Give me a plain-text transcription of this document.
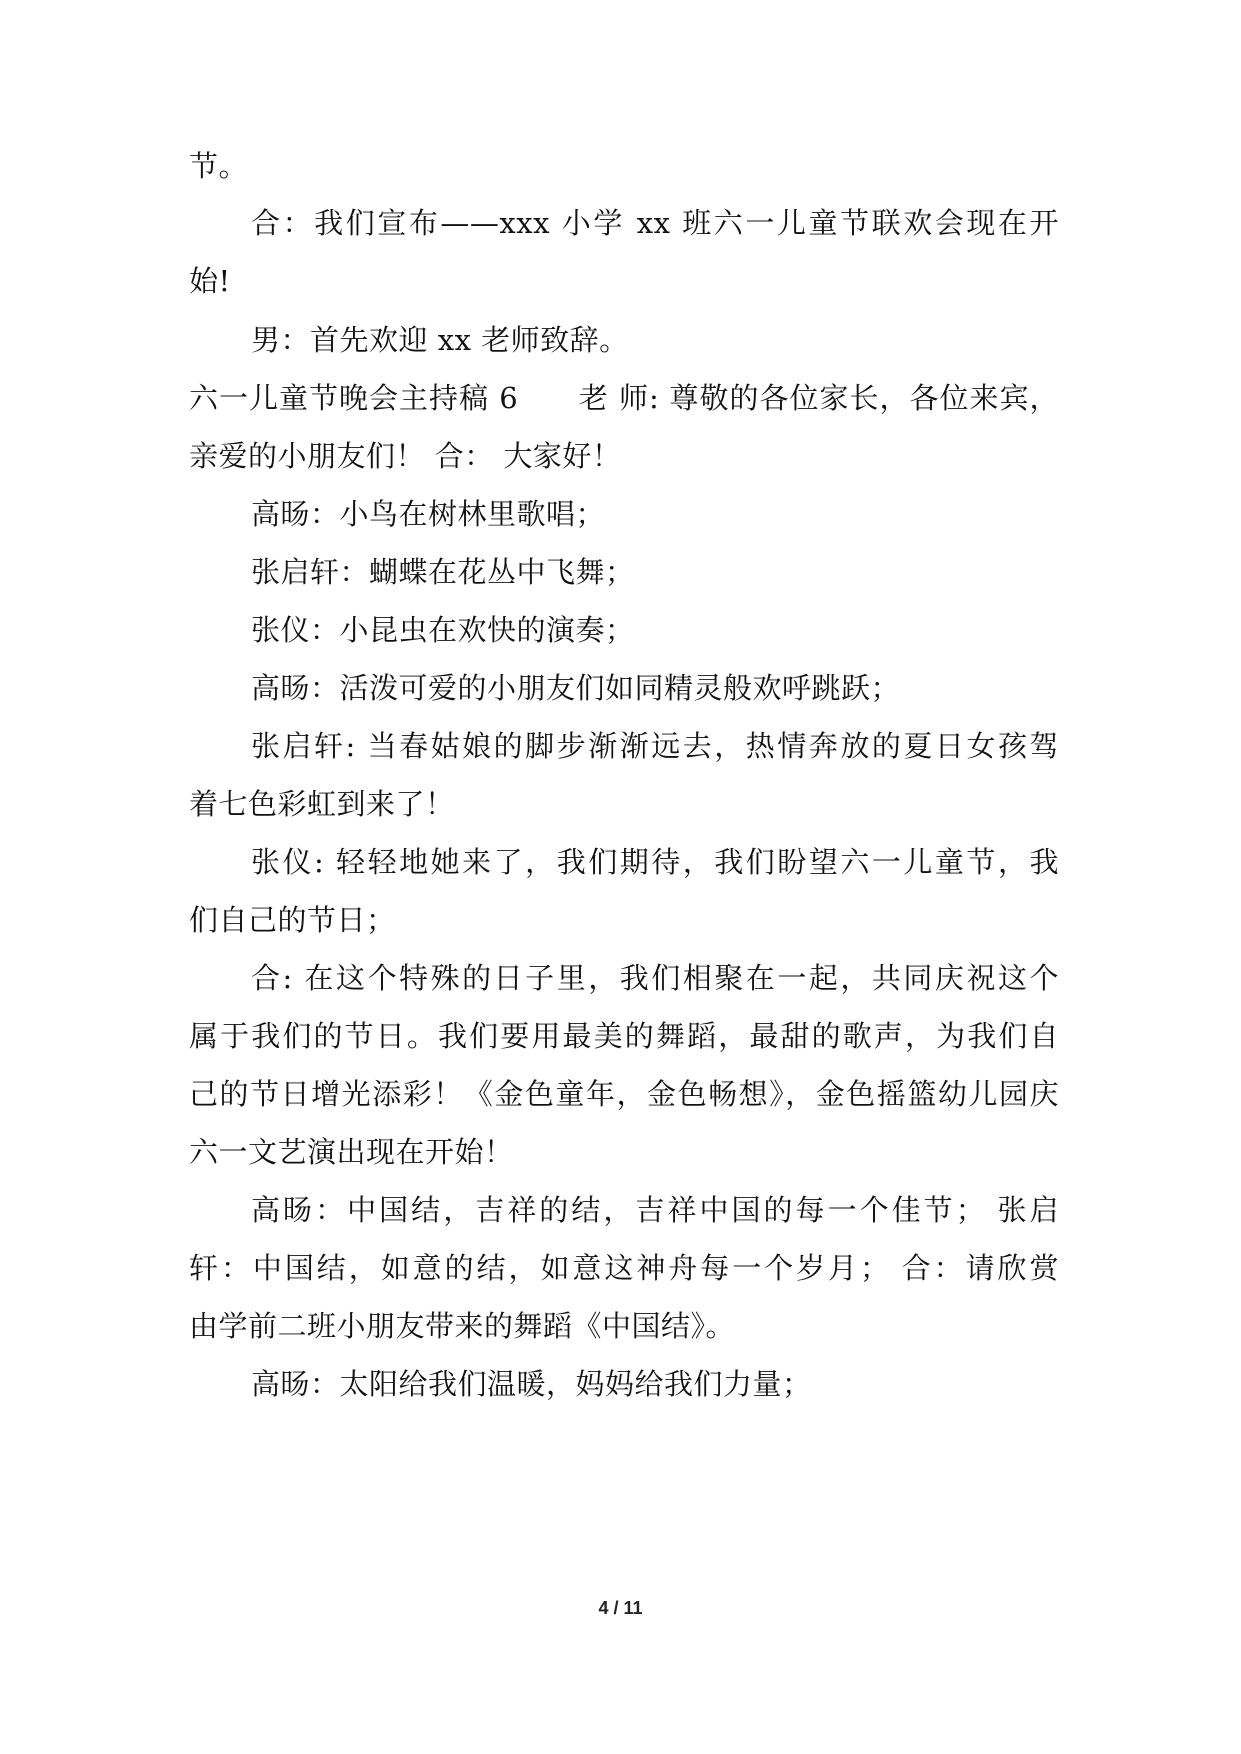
节。
合：我们宣布——xxx 小学 xx 班六一儿童节联欢会现在开
始!
男：首先欢迎 xx 老师致辞。
六一儿童节晚会主持稿 6　　老 师: 尊敬的各位家长，各位来宾，
亲爱的小朋友们！ 合： 大家好！
高旸：小鸟在树林里歌唱；
张启轩：蝴蝶在花丛中飞舞；
张仪：小昆虫在欢快的演奏；
高旸：活泼可爱的小朋友们如同精灵般欢呼跳跃；
张启轩: 当春姑娘的脚步渐渐远去，热情奔放的夏日女孩驾
着七色彩虹到来了！
张仪: 轻轻地她来了，我们期待，我们盼望六一儿童节，我
们自己的节日；
合: 在这个特殊的日子里，我们相聚在一起，共同庆祝这个
属于我们的节日。我们要用最美的舞蹈，最甜的歌声，为我们自
己的节日增光添彩！《金色童年，金色畅想》，金色摇篮幼儿园庆
六一文艺演出现在开始！
高旸：中国结，吉祥的结，吉祥中国的每一个佳节； 张启
轩：中国结，如意的结，如意这神舟每一个岁月； 合：请欣赏
由学前二班小朋友带来的舞蹈《中国结》。
高旸：太阳给我们温暖，妈妈给我们力量；
4 / 11
